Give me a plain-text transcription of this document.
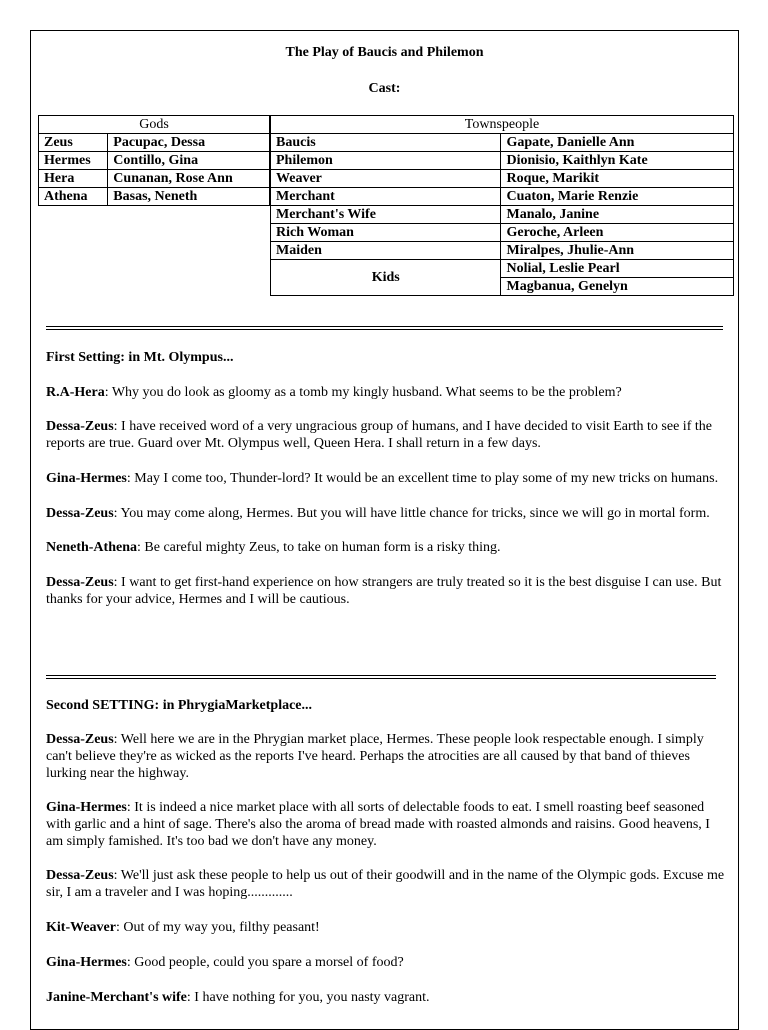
The Play of Baucis and Philemon
Cast:
Gods	
Zeus	Pacupac, Dessa
Hermes	Contillo, Gina
Hera	Cunanan, Rose Ann
Athena	Basas, Neneth
Townspeople	
Baucis	Gapate, Danielle Ann
Philemon	Dionisio, Kaithlyn Kate
Weaver	Roque, Marikit
Merchant	Cuaton, Marie Renzie
Merchant's Wife	Manalo, Janine
Rich Woman	Geroche, Arleen
Maiden	Miralpes, Jhulie-Ann
Kids	Nolial, Leslie Pearl
	Magbanua, Genelyn

First Setting: in Mt. Olympus...

R.A-Hera: Why you do look as gloomy as a tomb my kingly husband. What seems to be the problem?

Dessa-Zeus: I have received word of a very ungracious group of humans, and I have decided to visit Earth to see if the reports are true. Guard over Mt. Olympus well, Queen Hera. I shall return in a few days.

Gina-Hermes: May I come too, Thunder-lord? It would be an excellent time to play some of my new tricks on humans.

Dessa-Zeus: You may come along, Hermes. But you will have little chance for tricks, since we will go in mortal form.

Neneth-Athena: Be careful mighty Zeus, to take on human form is a risky thing.

Dessa-Zeus: I want to get first-hand experience on how strangers are truly treated so it is the best disguise I can use. But thanks for your advice, Hermes and I will be cautious.

Second SETTING: in PhrygiaMarketplace...

Dessa-Zeus: Well here we are in the Phrygian market place, Hermes. These people look respectable enough. I simply can't believe they're as wicked as the reports I've heard. Perhaps the atrocities are all caused by that band of thieves lurking near the highway.

Gina-Hermes: It is indeed a nice market place with all sorts of delectable foods to eat. I smell roasting beef seasoned with garlic and a hint of sage. There's also the aroma of bread made with roasted almonds and raisins. Good heavens, I am simply famished. It's too bad we don't have any money.

Dessa-Zeus: We'll just ask these people to help us out of their goodwill and in the name of the Olympic gods. Excuse me sir, I am a traveler and I was hoping.............

Kit-Weaver: Out of my way you, filthy peasant!

Gina-Hermes: Good people, could you spare a morsel of food?

Janine-Merchant's wife: I have nothing for you, you nasty vagrant.
